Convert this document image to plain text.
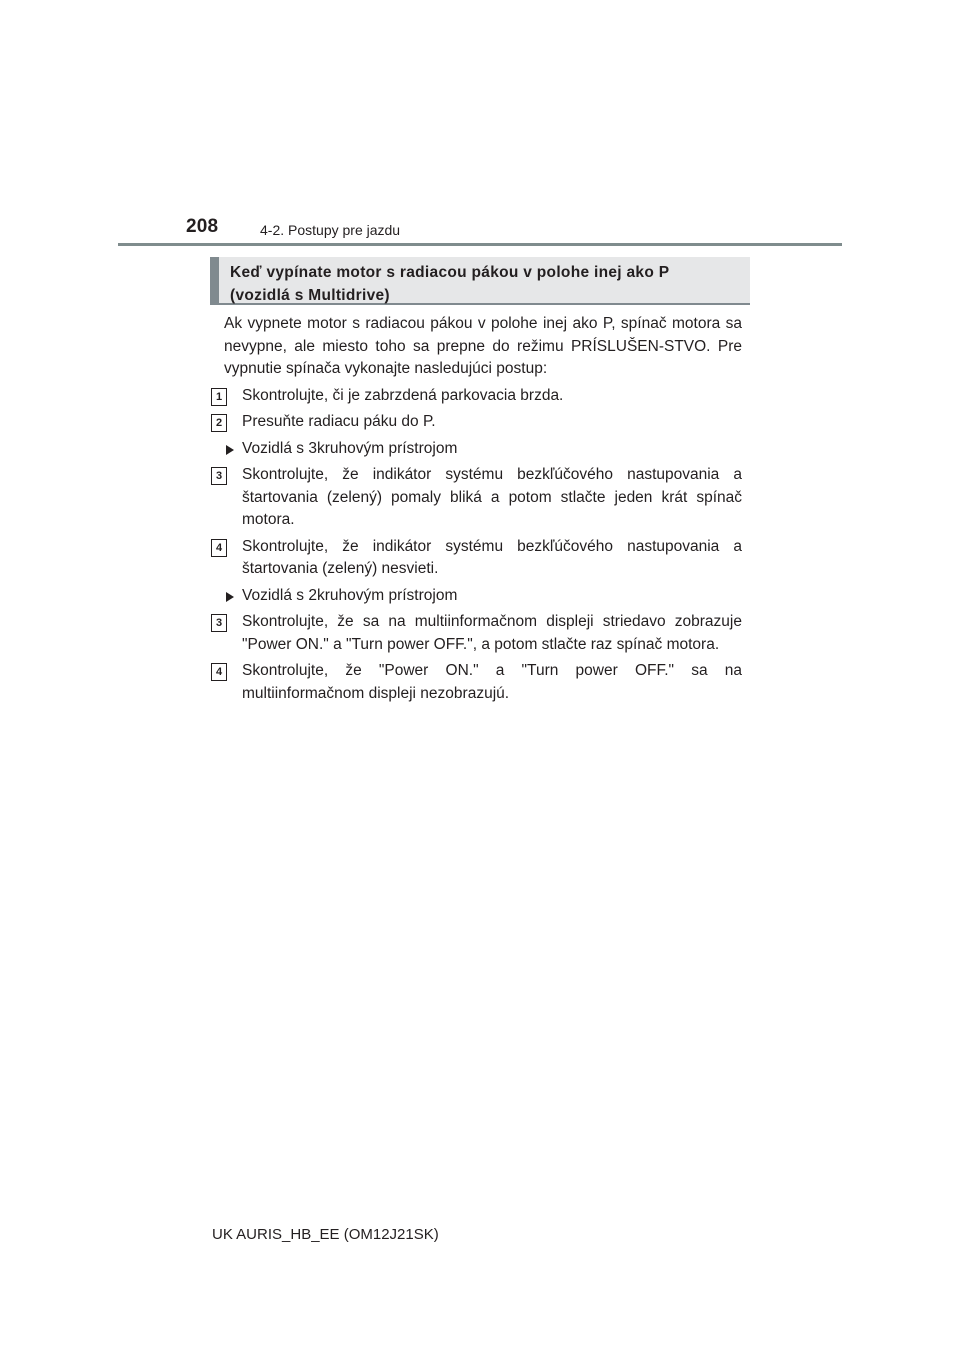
208	4-2. Postupy pre jazdu
Keď vypínate motor s radiacou pákou v polohe inej ako P
(vozidlá s Multidrive)

Ak vypnete motor s radiacou pákou v polohe inej ako P, spínač motora sa nevypne, ale miesto toho sa prepne do režimu PRÍSLUŠEN-STVO. Pre vypnutie spínača vykonajte nasledujúci postup:

1	Skontrolujte, či je zabrzdená parkovacia brzda.
2	Presuňte radiacu páku do P.
Vozidlá s 3kruhovým prístrojom
3	Skontrolujte, že indikátor systému bezkľúčového nastupovania a štartovania (zelený) pomaly bliká a potom stlačte jeden krát spínač motora.
4	Skontrolujte, že indikátor systému bezkľúčového nastupovania a štartovania (zelený) nesvieti.
Vozidlá s 2kruhovým prístrojom
3	Skontrolujte, že sa na multiinformačnom displeji striedavo zobrazuje "Power ON." a "Turn power OFF.", a potom stlačte raz spínač motora.
4	Skontrolujte, že "Power ON." a "Turn power OFF." sa na multiinformačnom displeji nezobrazujú.
UK AURIS_HB_EE (OM12J21SK)
